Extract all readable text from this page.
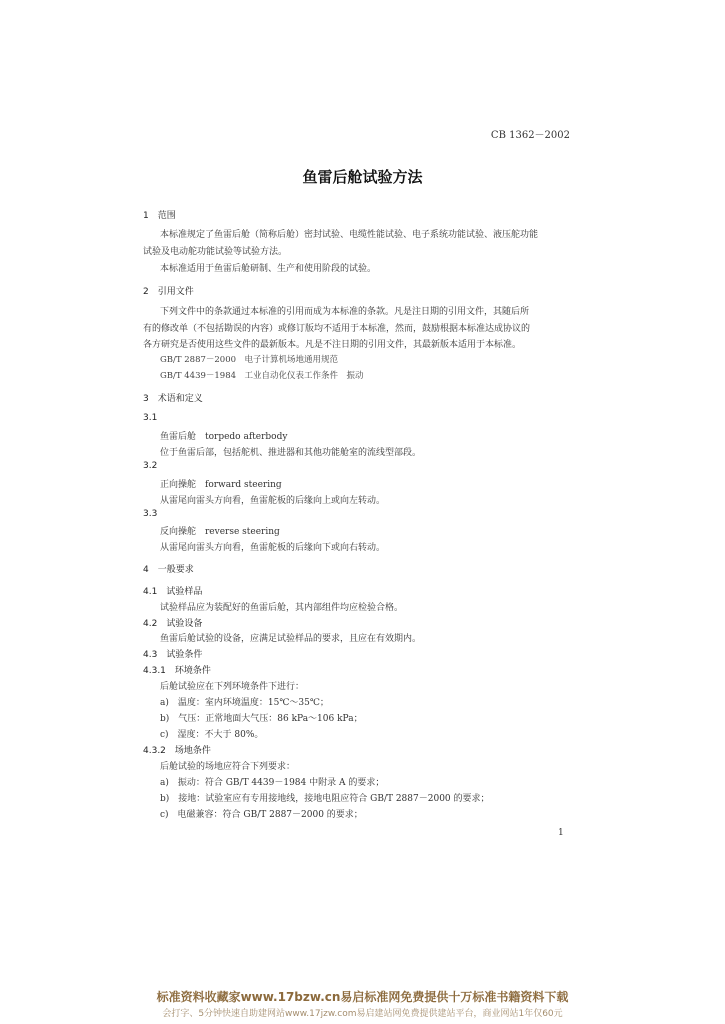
CB 1362－2002
鱼雷后舱试验方法
1　 范围
本标准规定了鱼雷后舱（简称后舱）密封试验、电缆性能试验、电子系统功能试验、液压舵功能
试验及电动舵功能试验等试验方法。
本标准适用于鱼雷后舱研制、生产和使用阶段的试验。
2　 引用文件
下列文件中的条款通过本标准的引用而成为本标准的条款。凡是注日期的引用文件，其随后所
有的修改单（不包括勘误的内容）或修订版均不适用于本标准，然而，鼓励根据本标准达成协议的
各方研究是否使用这些文件的最新版本。凡是不注日期的引用文件，其最新版本适用于本标准。
GB/T 2887－2000　电子计算机场地通用规范
GB/T 4439－1984　工业自动化仪表工作条件　振动
3　 术语和定义
3.1
鱼雷后舱　torpedo afterbody
位于鱼雷后部，包括舵机、推进器和其他功能舱室的流线型部段。
3.2
正向操舵　forward steering
从雷尾向雷头方向看，鱼雷舵板的后缘向上或向左转动。
3.3
反向操舵　reverse steering
从雷尾向雷头方向看，鱼雷舵板的后缘向下或向右转动。
4　 一般要求
4.1　 试验样品
试验样品应为装配好的鱼雷后舱，其内部组件均应检验合格。
4.2　 试验设备
鱼雷后舱试验的设备，应满足试验样品的要求，且应在有效期内。
4.3　 试验条件
4.3.1　 环境条件
后舱试验应在下列环境条件下进行：
a)　温度：室内环境温度：15℃～35℃；
b)　气压：正常地面大气压：86 kPa～106 kPa；
c)　湿度：不大于 80%。
4.3.2　 场地条件
后舱试验的场地应符合下列要求：
a)　振动：符合 GB/T 4439－1984 中附录 A 的要求；
b)　接地：试验室应有专用接地线，接地电阻应符合 GB/T 2887－2000 的要求；
c)　电磁兼容：符合 GB/T 2887－2000 的要求；
1
标准资料收藏家www.17bzw.cn易启标准网免费提供十万标准书籍资料下载
会打字、5分钟快速自助建网站www.17jzw.com易启建站网免费提供建站平台，商业网站1年仅60元
